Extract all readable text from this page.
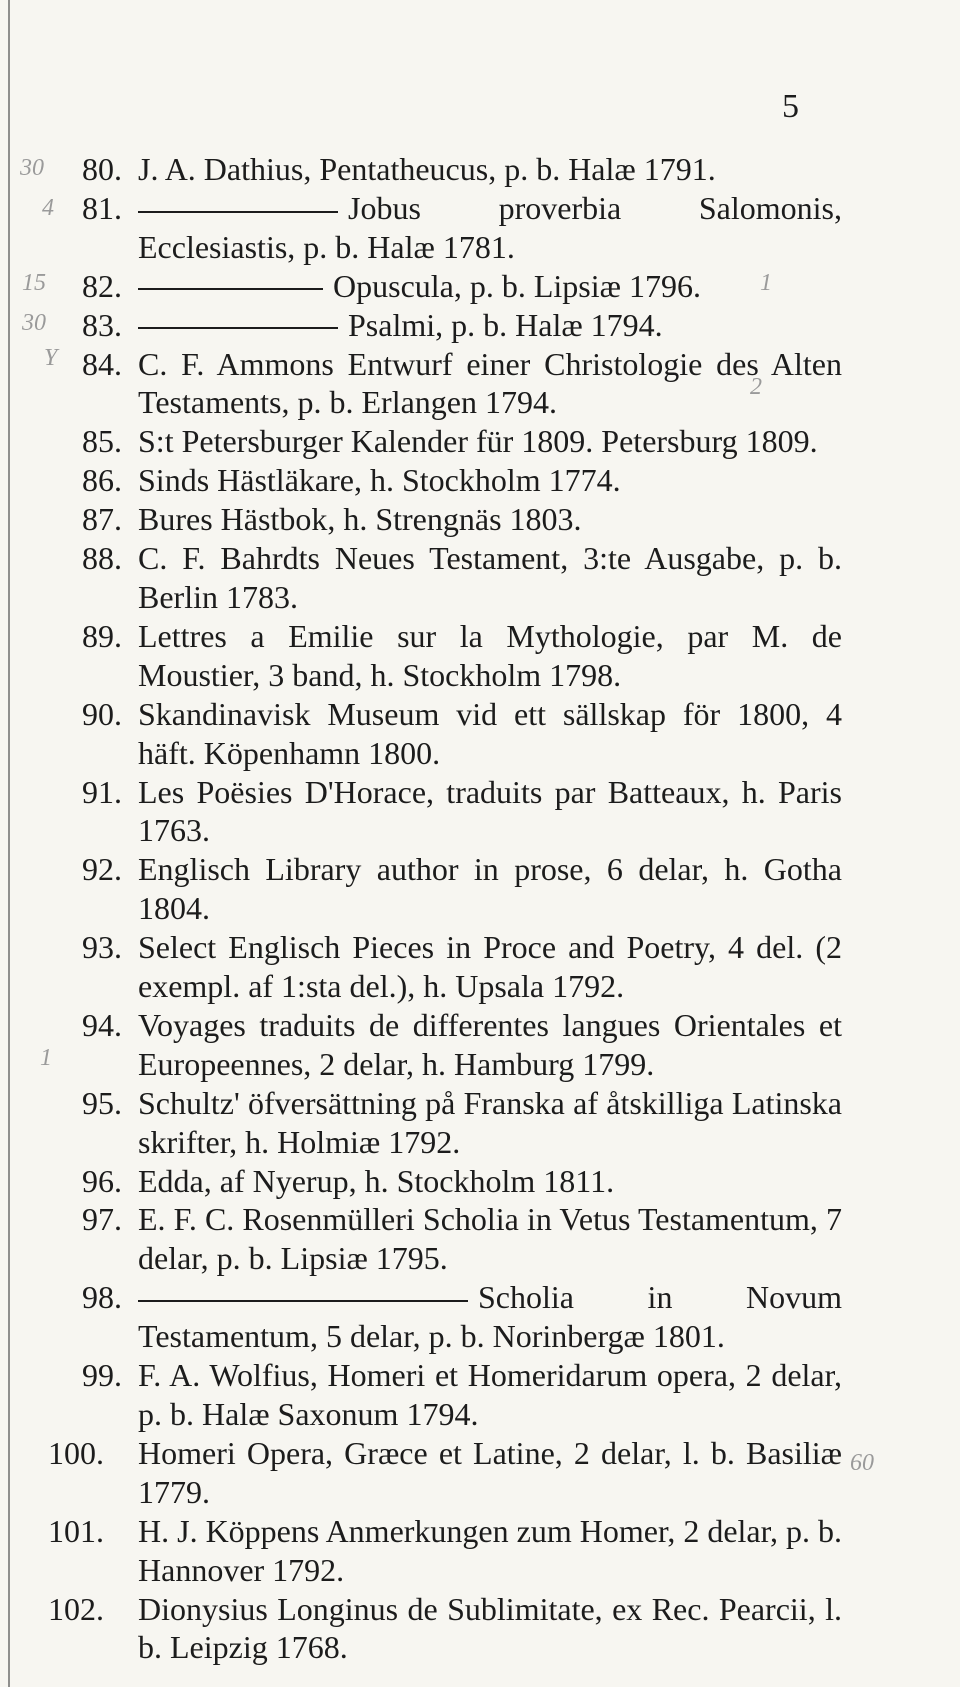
5
30
4
15
30
Y
1
2
1
60
80. J. A. Dathius, Pentatheucus, p. b. Halæ 1791.
81.	Jobus proverbia Salomonis, Ecclesiastis, p. b. Halæ 1781.
82.	Opuscula, p. b. Lipsiæ 1796.
83.	Psalmi, p. b. Halæ 1794.
84. C. F. Ammons Entwurf einer Christologie des Alten Testaments, p. b. Erlangen 1794.
85. S:t Petersburger Kalender für 1809. Petersburg 1809.
86. Sinds Hästläkare, h. Stockholm 1774.
87. Bures Hästbok, h. Strengnäs 1803.
88. C. F. Bahrdts Neues Testament, 3:te Ausgabe, p. b. Berlin 1783.
89. Lettres a Emilie sur la Mythologie, par M. de Moustier, 3 band, h. Stockholm 1798.
90. Skandinavisk Museum vid ett sällskap för 1800, 4 häft. Köpenhamn 1800.
91. Les Poësies D'Horace, traduits par Batteaux, h. Paris 1763.
92. Englisch Library author in prose, 6 delar, h. Gotha 1804.
93. Select Englisch Pieces in Proce and Poetry, 4 del. (2 exempl. af 1:sta del.), h. Upsala 1792.
94. Voyages traduits de differentes langues Orientales et Europeennes, 2 delar, h. Hamburg 1799.
95. Schultz' öfversättning på Franska af åtskilliga Latinska skrifter, h. Holmiæ 1792.
96. Edda, af Nyerup, h. Stockholm 1811.
97. E. F. C. Rosenmülleri Scholia in Vetus Testamentum, 7 delar, p. b. Lipsiæ 1795.
98.	Scholia in Novum Testamentum, 5 delar, p. b. Norinbergæ 1801.
99. F. A. Wolfius, Homeri et Homeridarum opera, 2 delar, p. b. Halæ Saxonum 1794.
100. Homeri Opera, Græce et Latine, 2 delar, l. b. Basiliæ 1779.
101. H. J. Köppens Anmerkungen zum Homer, 2 delar, p. b. Hannover 1792.
102. Dionysius Longinus de Sublimitate, ex Rec. Pearcii, l. b. Leipzig 1768.
